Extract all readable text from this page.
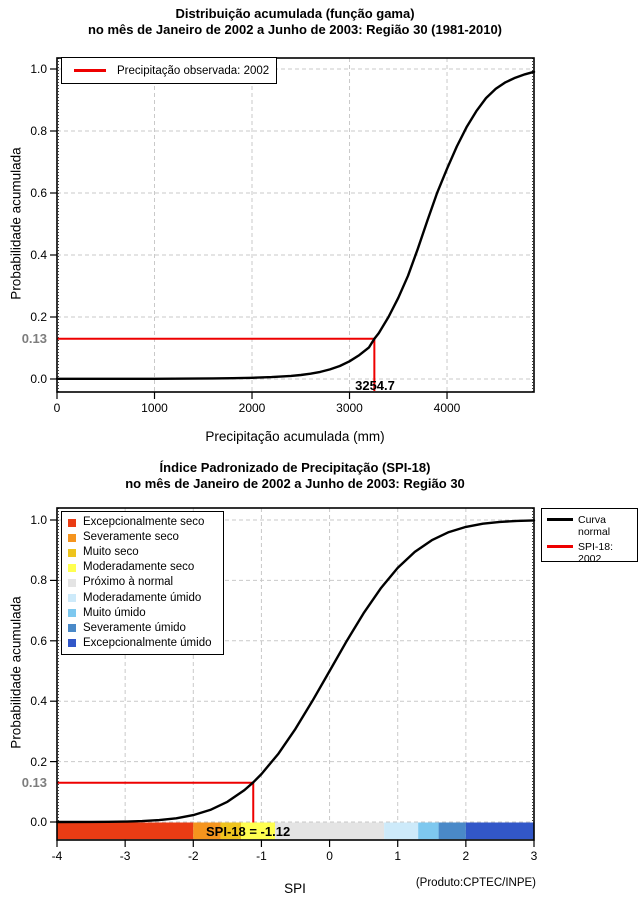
Distribuição acumulada (função gama)
no mês de Janeiro de 2002 a Junho de 2003: Região 30 (1981-2010)
Probabilidade acumulada
Precipitação acumulada (mm)
0.13
3254.7
Precipitação observada: 2002
0	1000	2000	3000	4000
1.0
0.8
0.6
0.4
0.2
0.0
Índice Padronizado de Precipitação (SPI-18)
no mês de Janeiro de 2002 a Junho de 2003: Região 30
Probabilidade acumulada
SPI
0.13
SPI-18 = -1.12
(Produto:CPTEC/INPE)
Excepcionalmente seco
Severamente seco
Muito seco
Moderadamente seco
Próximo à normal
Moderadamente úmido
Muito úmido
Severamente úmido
Excepcionalmente úmido
Curva normal
SPI-18: 2002
-4	-3	-2	-1	0	1	2	3
1.0
0.8
0.6
0.4
0.2
0.0
